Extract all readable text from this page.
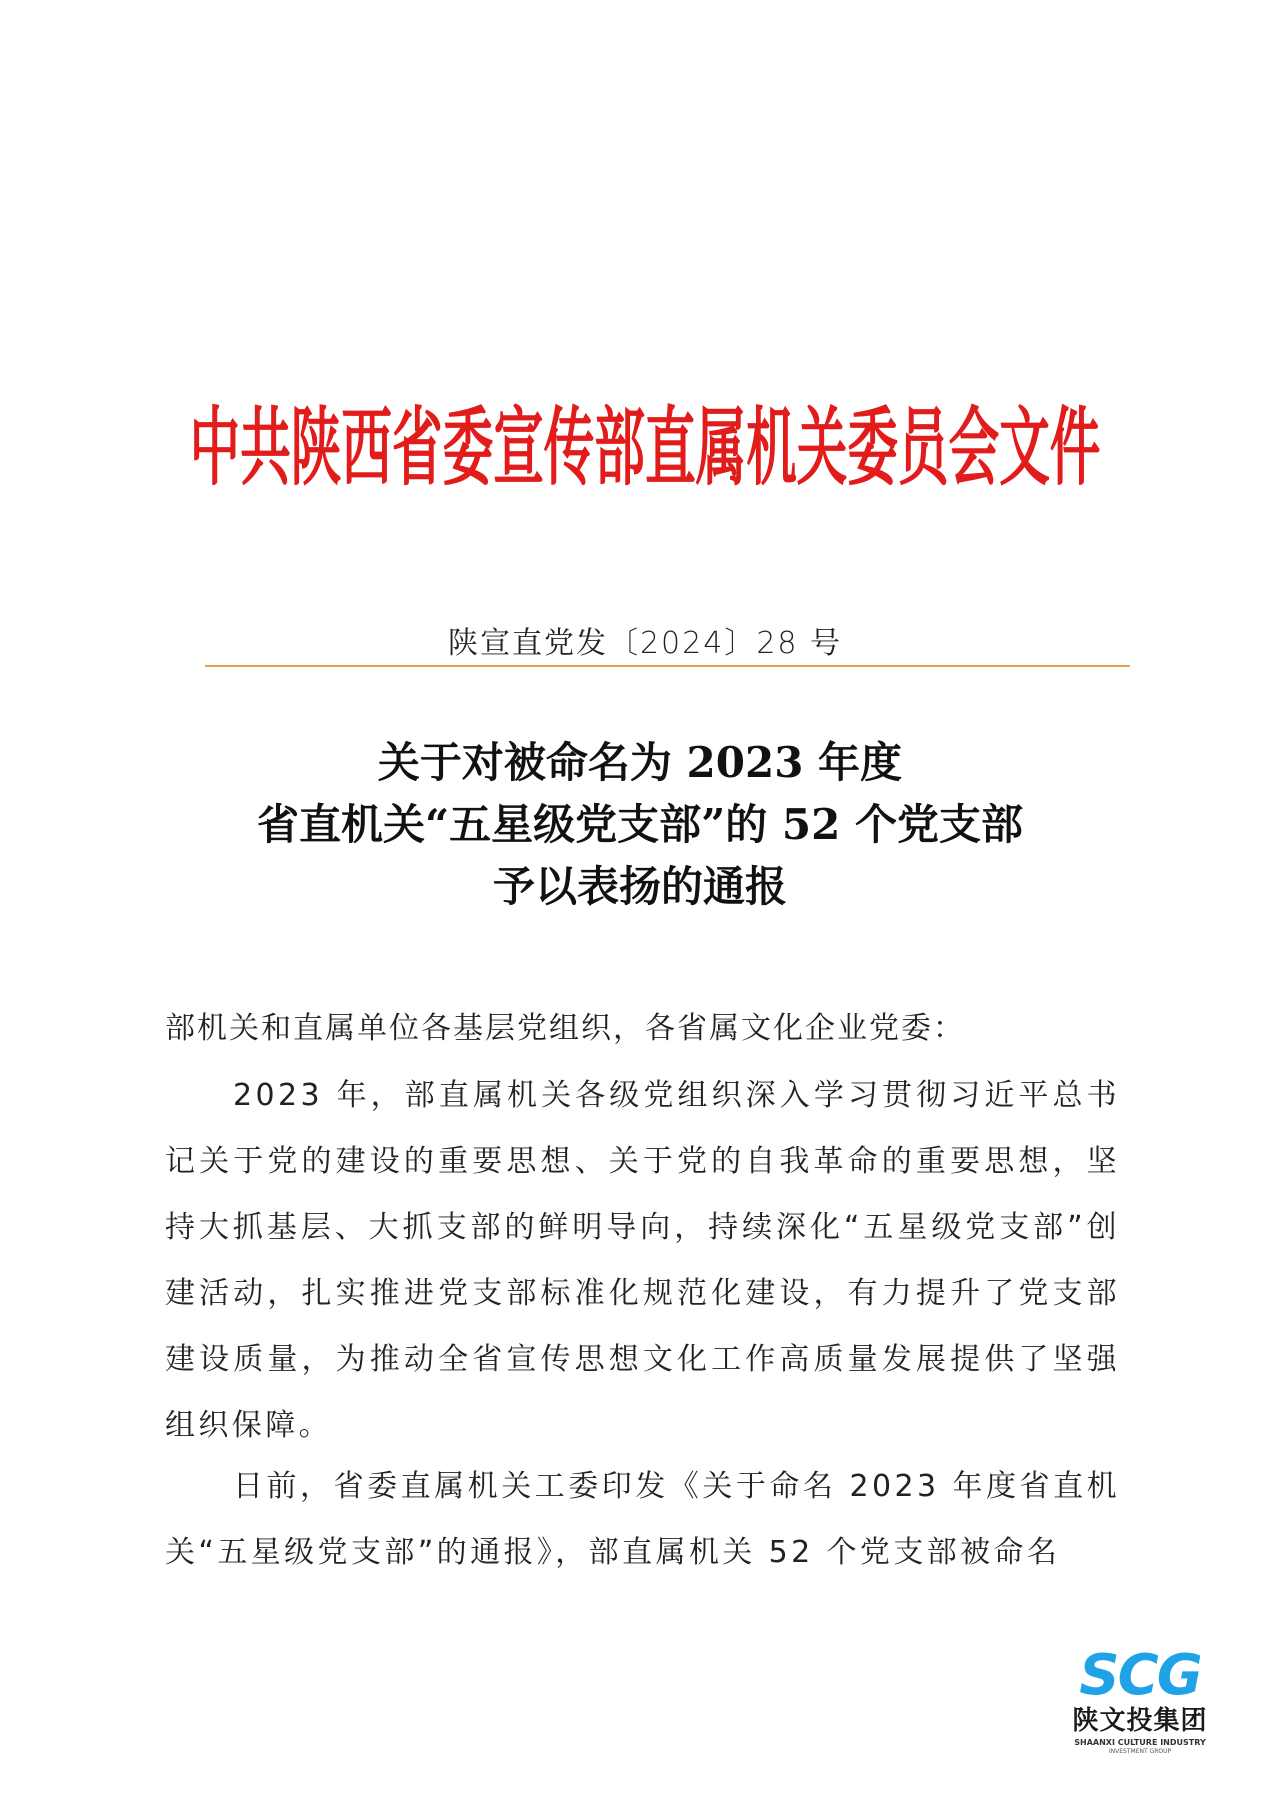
中共陕西省委宣传部直属机关委员会文件
陕宣直党发〔2024〕28 号
关于对被命名为 2023 年度
省直机关“五星级党支部”的 52 个党支部
予以表扬的通报
部机关和直属单位各基层党组织，各省属文化企业党委：
2023 年，部直属机关各级党组织深入学习贯彻习近平总书记关于党的建设的重要思想、关于党的自我革命的重要思想，坚持大抓基层、大抓支部的鲜明导向，持续深化“五星级党支部”创建活动，扎实推进党支部标准化规范化建设，有力提升了党支部建设质量，为推动全省宣传思想文化工作高质量发展提供了坚强组织保障。
日前，省委直属机关工委印发《关于命名 2023 年度省直机关“五星级党支部”的通报》，部直属机关 52 个党支部被命名
SCG
陕文投集团
SHAANXI CULTURE INDUSTRY
INVESTMENT GROUP
